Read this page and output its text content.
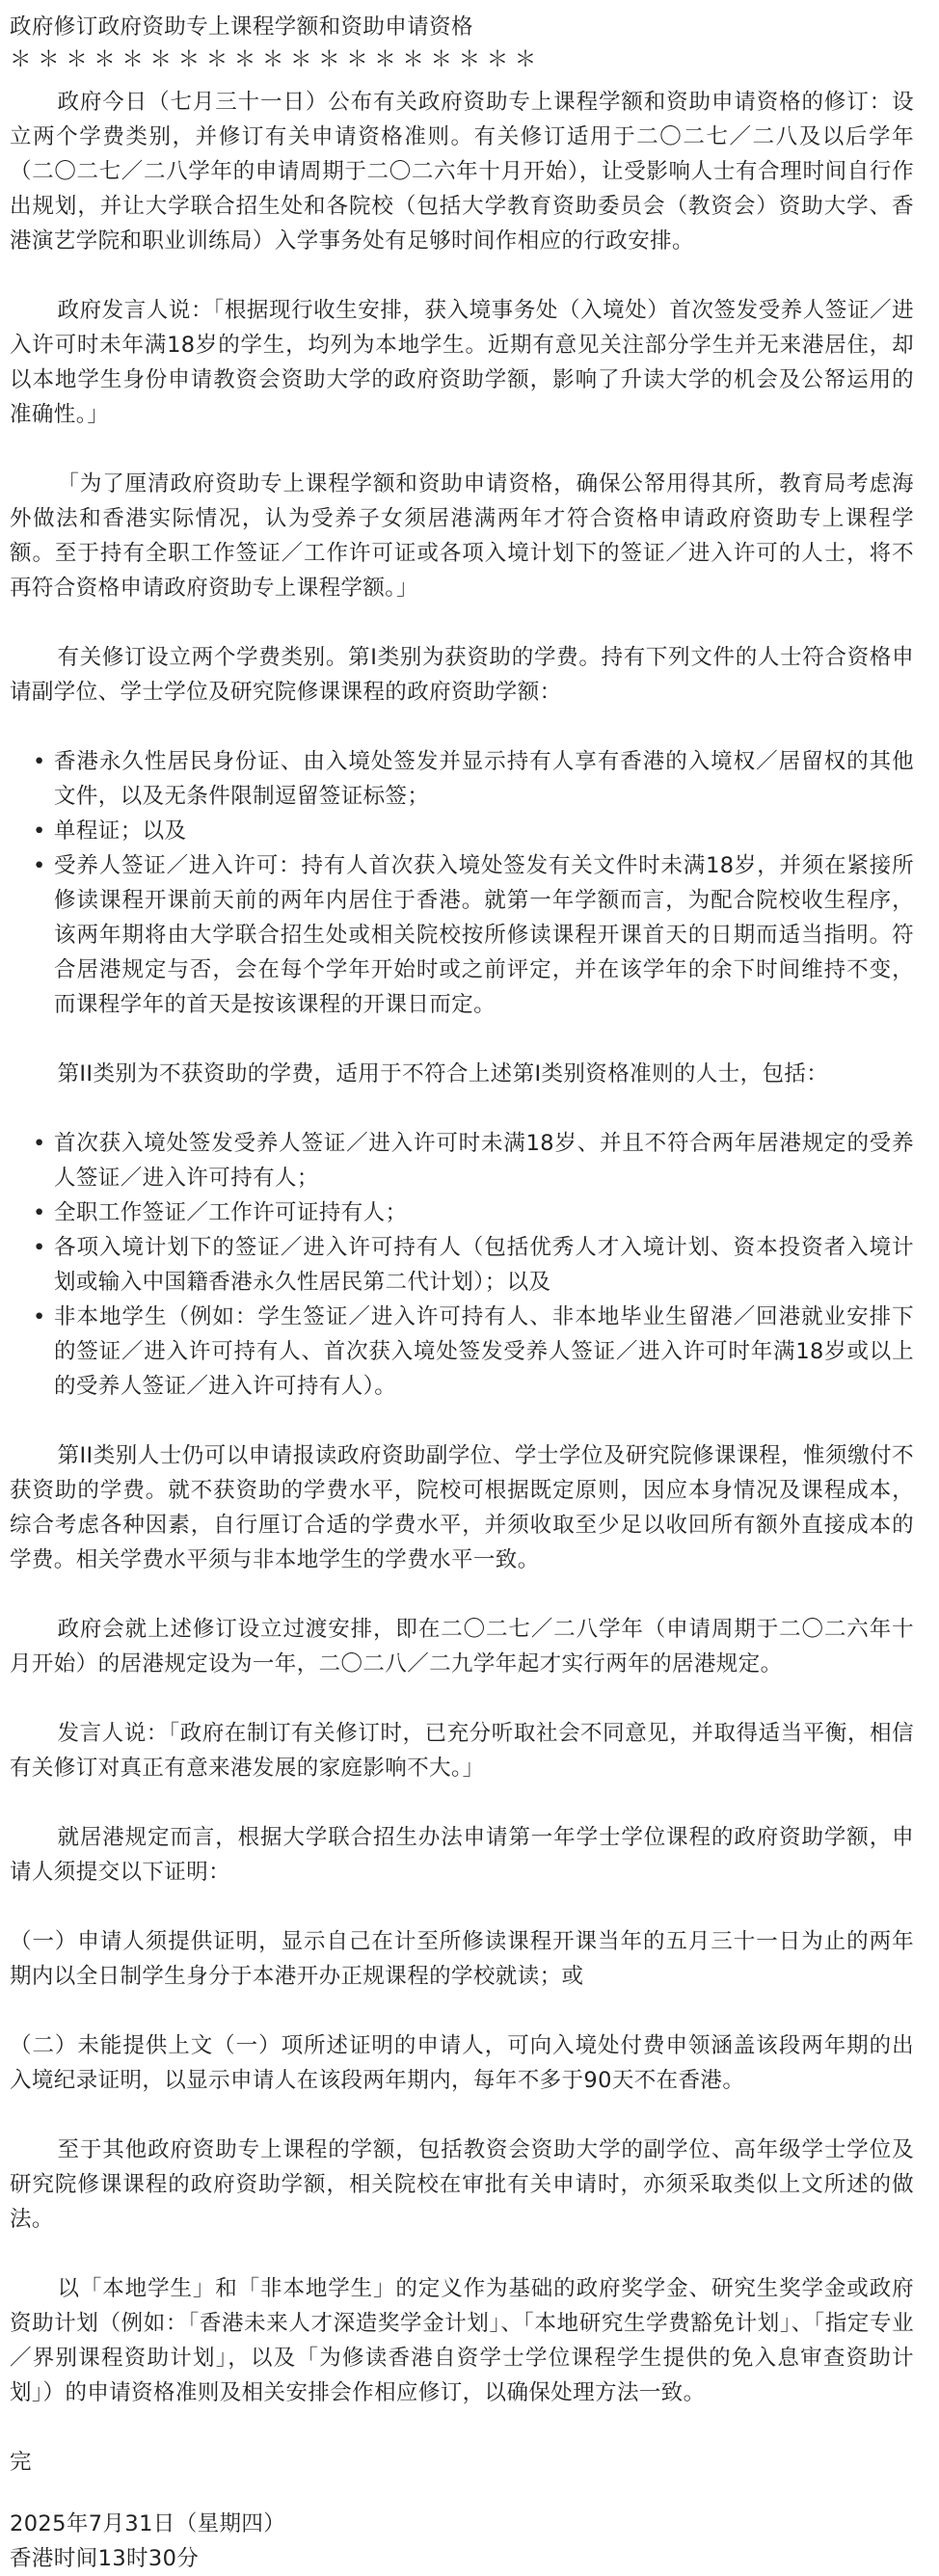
政府修订政府资助专上课程学额和资助申请资格
＊＊＊＊＊＊＊＊＊＊＊＊＊＊＊＊＊＊＊

政府今日（七月三十一日）公布有关政府资助专上课程学额和资助申请资格的修订：设立两个学费类别，并修订有关申请资格准则。有关修订适用于二〇二七／二八及以后学年（二〇二七／二八学年的申请周期于二〇二六年十月开始），让受影响人士有合理时间自行作出规划，并让大学联合招生处和各院校（包括大学教育资助委员会（教资会）资助大学、香港演艺学院和职业训练局）入学事务处有足够时间作相应的行政安排。

政府发言人说：「根据现行收生安排，获入境事务处（入境处）首次签发受养人签证／进入许可时未年满18岁的学生，均列为本地学生。近期有意见关注部分学生并无来港居住，却以本地学生身份申请教资会资助大学的政府资助学额，影响了升读大学的机会及公帑运用的准确性。」

「为了厘清政府资助专上课程学额和资助申请资格，确保公帑用得其所，教育局考虑海外做法和香港实际情况，认为受养子女须居港满两年才符合资格申请政府资助专上课程学额。至于持有全职工作签证／工作许可证或各项入境计划下的签证／进入许可的人士，将不再符合资格申请政府资助专上课程学额。」

有关修订设立两个学费类别。第I类别为获资助的学费。持有下列文件的人士符合资格申请副学位、学士学位及研究院修课课程的政府资助学额：

• 香港永久性居民身份证、由入境处签发并显示持有人享有香港的入境权／居留权的其他文件，以及无条件限制逗留签证标签；
• 单程证；以及
• 受养人签证／进入许可：持有人首次获入境处签发有关文件时未满18岁，并须在紧接所修读课程开课前天前的两年内居住于香港。就第一年学额而言，为配合院校收生程序，该两年期将由大学联合招生处或相关院校按所修读课程开课首天的日期而适当指明。符合居港规定与否，会在每个学年开始时或之前评定，并在该学年的余下时间维持不变，而课程学年的首天是按该课程的开课日而定。

第II类别为不获资助的学费，适用于不符合上述第I类别资格准则的人士，包括：

• 首次获入境处签发受养人签证／进入许可时未满18岁、并且不符合两年居港规定的受养人签证／进入许可持有人；
• 全职工作签证／工作许可证持有人；
• 各项入境计划下的签证／进入许可持有人（包括优秀人才入境计划、资本投资者入境计划或输入中国籍香港永久性居民第二代计划）；以及
• 非本地学生（例如：学生签证／进入许可持有人、非本地毕业生留港／回港就业安排下的签证／进入许可持有人、首次获入境处签发受养人签证／进入许可时年满18岁或以上的受养人签证／进入许可持有人）。

第II类别人士仍可以申请报读政府资助副学位、学士学位及研究院修课课程，惟须缴付不获资助的学费。就不获资助的学费水平，院校可根据既定原则，因应本身情况及课程成本，综合考虑各种因素，自行厘订合适的学费水平，并须收取至少足以收回所有额外直接成本的学费。相关学费水平须与非本地学生的学费水平一致。

政府会就上述修订设立过渡安排，即在二〇二七／二八学年（申请周期于二〇二六年十月开始）的居港规定设为一年，二〇二八／二九学年起才实行两年的居港规定。

发言人说：「政府在制订有关修订时，已充分听取社会不同意见，并取得适当平衡，相信有关修订对真正有意来港发展的家庭影响不大。」

就居港规定而言，根据大学联合招生办法申请第一年学士学位课程的政府资助学额，申请人须提交以下证明：

（一）申请人须提供证明，显示自己在计至所修读课程开课当年的五月三十一日为止的两年期内以全日制学生身分于本港开办正规课程的学校就读；或

（二）未能提供上文（一）项所述证明的申请人，可向入境处付费申领涵盖该段两年期的出入境纪录证明，以显示申请人在该段两年期内，每年不多于90天不在香港。

至于其他政府资助专上课程的学额，包括教资会资助大学的副学位、高年级学士学位及研究院修课课程的政府资助学额，相关院校在审批有关申请时，亦须采取类似上文所述的做法。

以「本地学生」和「非本地学生」的定义作为基础的政府奖学金、研究生奖学金或政府资助计划（例如：「香港未来人才深造奖学金计划」、「本地研究生学费豁免计划」、「指定专业／界别课程资助计划」，以及「为修读香港自资学士学位课程学生提供的免入息审查资助计划」）的申请资格准则及相关安排会作相应修订，以确保处理方法一致。

完
2025年7月31日（星期四）
香港时间13时30分
